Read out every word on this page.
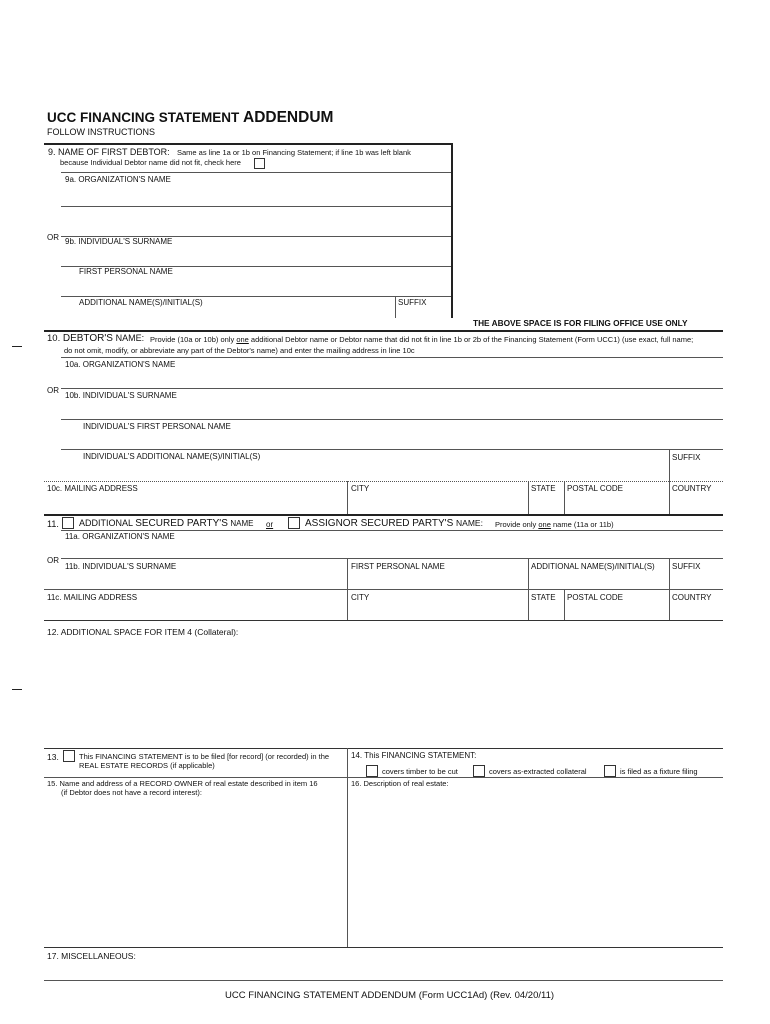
UCC FINANCING STATEMENT ADDENDUM
FOLLOW INSTRUCTIONS
9. NAME OF FIRST DEBTOR: Same as line 1a or 1b on Financing Statement; if line 1b was left blank
because Individual Debtor name did not fit, check here
9a. ORGANIZATION'S NAME
OR 9b. INDIVIDUAL'S SURNAME
FIRST PERSONAL NAME
ADDITIONAL NAME(S)/INITIAL(S)	SUFFIX
THE ABOVE SPACE IS FOR FILING OFFICE USE ONLY
10. DEBTOR'S NAME: Provide (10a or 10b) only one additional Debtor name or Debtor name that did not fit in line 1b or 2b of the Financing Statement (Form UCC1) (use exact, full name;
do not omit, modify, or abbreviate any part of the Debtor's name) and enter the mailing address in line 10c
10a. ORGANIZATION'S NAME
OR
10b. INDIVIDUAL'S SURNAME
INDIVIDUAL'S FIRST PERSONAL NAME
INDIVIDUAL'S ADDITIONAL NAME(S)/INITIAL(S)	SUFFIX
10c. MAILING ADDRESS	CITY	STATE POSTAL CODE	COUNTRY
11. ADDITIONAL SECURED PARTY'S NAME or	ASSIGNOR SECURED PARTY'S NAME: Provide only one name (11a or 11b)
11a. ORGANIZATION'S NAME
OR
11b. INDIVIDUAL'S SURNAME	FIRST PERSONAL NAME	ADDITIONAL NAME(S)/INITIAL(S) SUFFIX
11c. MAILING ADDRESS	CITY	STATE POSTAL CODE	COUNTRY
12. ADDITIONAL SPACE FOR ITEM 4 (Collateral):
13.	This FINANCING STATEMENT is to be filed [for record] (or recorded) in the
REAL ESTATE RECORDS (if applicable)
14. This FINANCING STATEMENT:
covers timber to be cut	covers as-extracted collateral	is filed as a fixture filing
15. Name and address of a RECORD OWNER of real estate described in item 16
(if Debtor does not have a record interest):
16. Description of real estate:
17. MISCELLANEOUS:
UCC FINANCING STATEMENT ADDENDUM (Form UCC1Ad) (Rev. 04/20/11)
